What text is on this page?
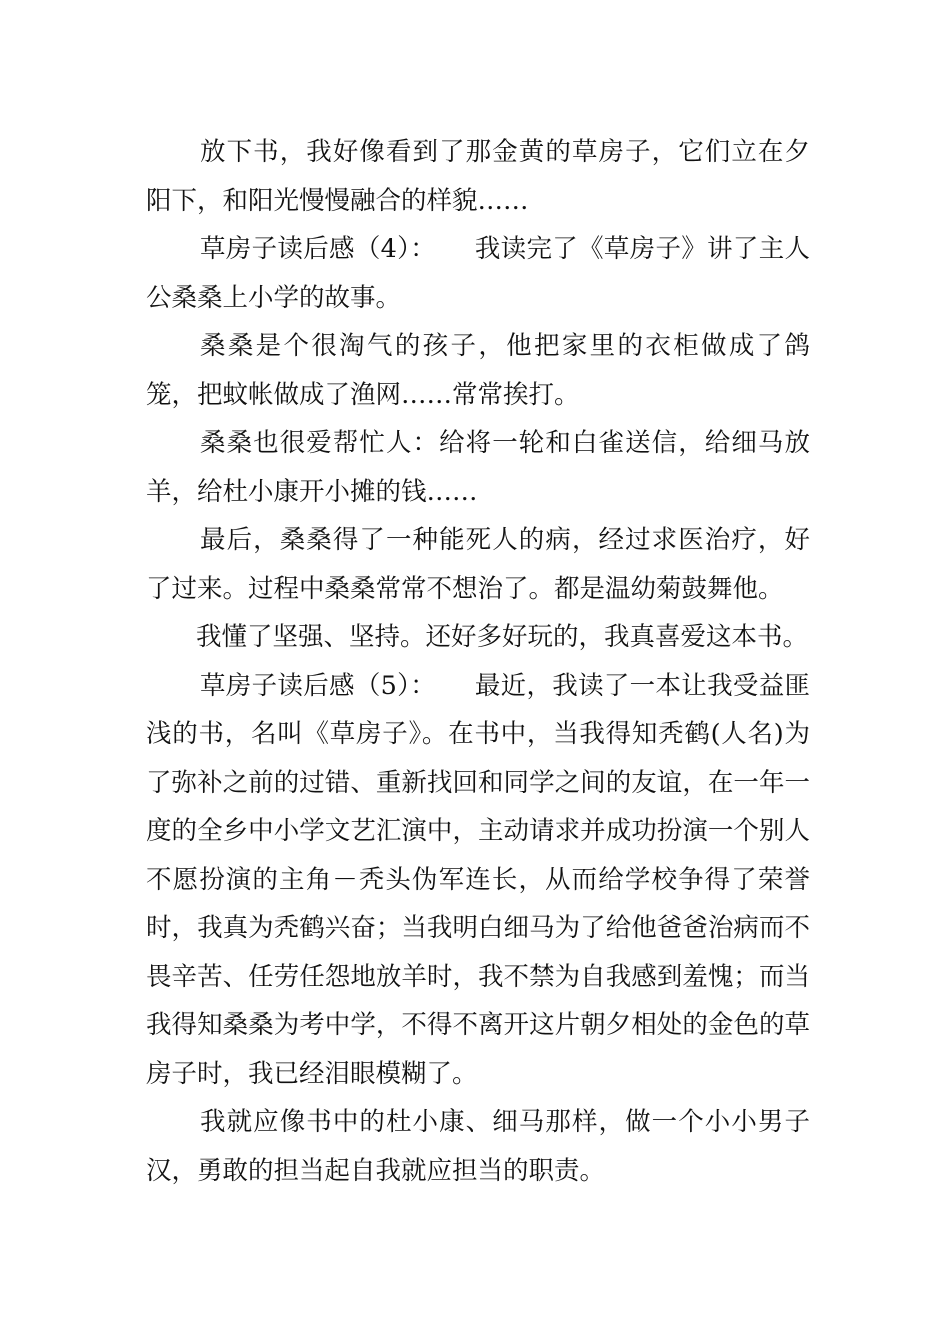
放下书，我好像看到了那金黄的草房子，它们立在夕阳下，和阳光慢慢融合的样貌……

草房子读后感（4）：　　我读完了《草房子》讲了主人公桑桑上小学的故事。

桑桑是个很淘气的孩子，他把家里的衣柜做成了鸽笼，把蚊帐做成了渔网……常常挨打。

桑桑也很爱帮忙人：给将一轮和白雀送信，给细马放羊，给杜小康开小摊的钱……

最后，桑桑得了一种能死人的病，经过求医治疗，好了过来。过程中桑桑常常不想治了。都是温幼菊鼓舞他。

我懂了坚强、坚持。还好多好玩的，我真喜爱这本书。

草房子读后感（5）：　　最近，我读了一本让我受益匪浅的书，名叫《草房子》。在书中，当我得知秃鹤(人名)为了弥补之前的过错、重新找回和同学之间的友谊，在一年一度的全乡中小学文艺汇演中，主动请求并成功扮演一个别人不愿扮演的主角－秃头伪军连长，从而给学校争得了荣誉时，我真为秃鹤兴奋；当我明白细马为了给他爸爸治病而不畏辛苦、任劳任怨地放羊时，我不禁为自我感到羞愧；而当我得知桑桑为考中学，不得不离开这片朝夕相处的金色的草房子时，我已经泪眼模糊了。

我就应像书中的杜小康、细马那样，做一个小小男子汉，勇敢的担当起自我就应担当的职责。
